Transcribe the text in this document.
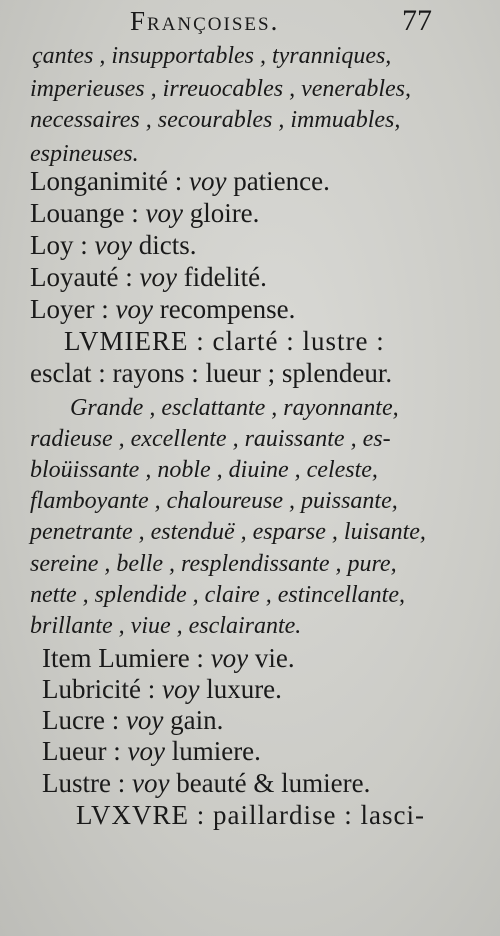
Françoises.	77
çantes , insupportables , tyranniques,
imperieuses , irreuocables , venerables,
necessaires , secourables , immuables,
espineuses.
Longanimité : voy patience.
Louange : voy gloire.
Loy : voy dicts.
Loyauté : voy fidelité.
Loyer : voy recompense.
LVMIERE : clarté : lustre :
esclat : rayons : lueur ; splendeur.
Grande , esclattante , rayonnante,
radieuse , excellente , rauissante , es-
bloüissante , noble , diuine , celeste,
flamboyante , chaloureuse , puissante,
penetrante , estenduë , esparse , luisante,
sereine , belle , resplendissante , pure,
nette , splendide , claire , estincellante,
brillante , viue , esclairante.
Item Lumiere : voy vie.
Lubricité : voy luxure.
Lucre : voy gain.
Lueur : voy lumiere.
Lustre : voy beauté & lumiere.
LVXVRE : paillardise : lasci-
